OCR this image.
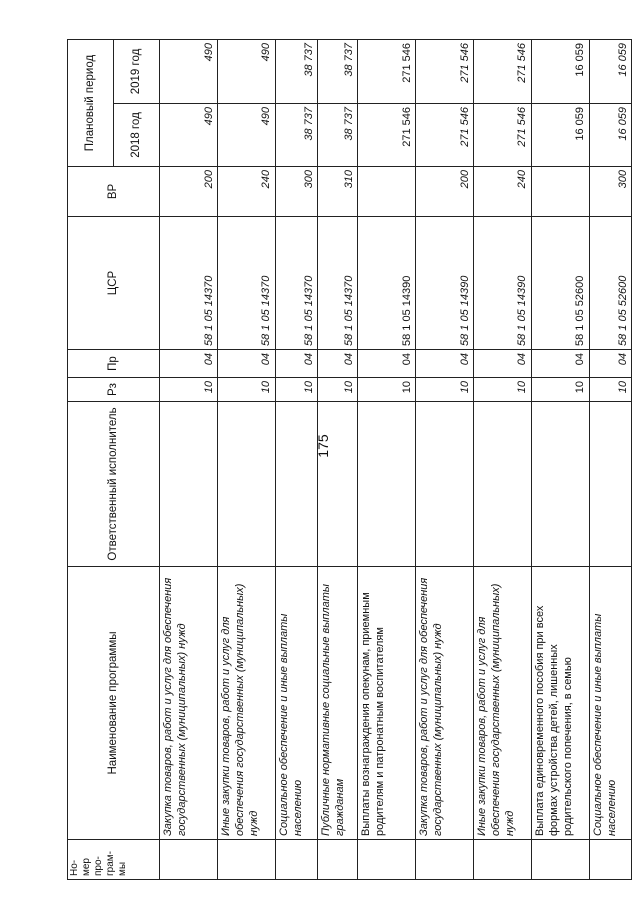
175
Но- мер про- грам- мы	Наименование программы	Ответственный исполнитель	Рз	Пр	ЦСР	ВР	Плановый период	
							2018 год	2019 год
	Закупка товаров, работ и услуг для обеспечения государственных (муниципальных) нужд		10	04	58 1 05 14370	200	490	490
	Иные закупки товаров, работ и услуг для обеспечения государственных (муниципальных) нужд		10	04	58 1 05 14370	240	490	490
	Социальное обеспечение и иные выплаты населению		10	04	58 1 05 14370	300	38 737	38 737
	Публичные нормативные социальные выплаты гражданам		10	04	58 1 05 14370	310	38 737	38 737
	Выплаты вознаграждения опекунам, приемным родителям и патронатным воспитателям		10	04	58 1 05 14390		271 546	271 546
	Закупка товаров, работ и услуг для обеспечения государственных (муниципальных) нужд		10	04	58 1 05 14390	200	271 546	271 546
	Иные закупки товаров, работ и услуг для обеспечения государственных (муниципальных) нужд		10	04	58 1 05 14390	240	271 546	271 546
	Выплата единовременного пособия при всех формах устройства детей, лишенных родительского попечения, в семью		10	04	58 1 05 52600		16 059	16 059
	Социальное обеспечение и иные выплаты населению		10	04	58 1 05 52600	300	16 059	16 059
